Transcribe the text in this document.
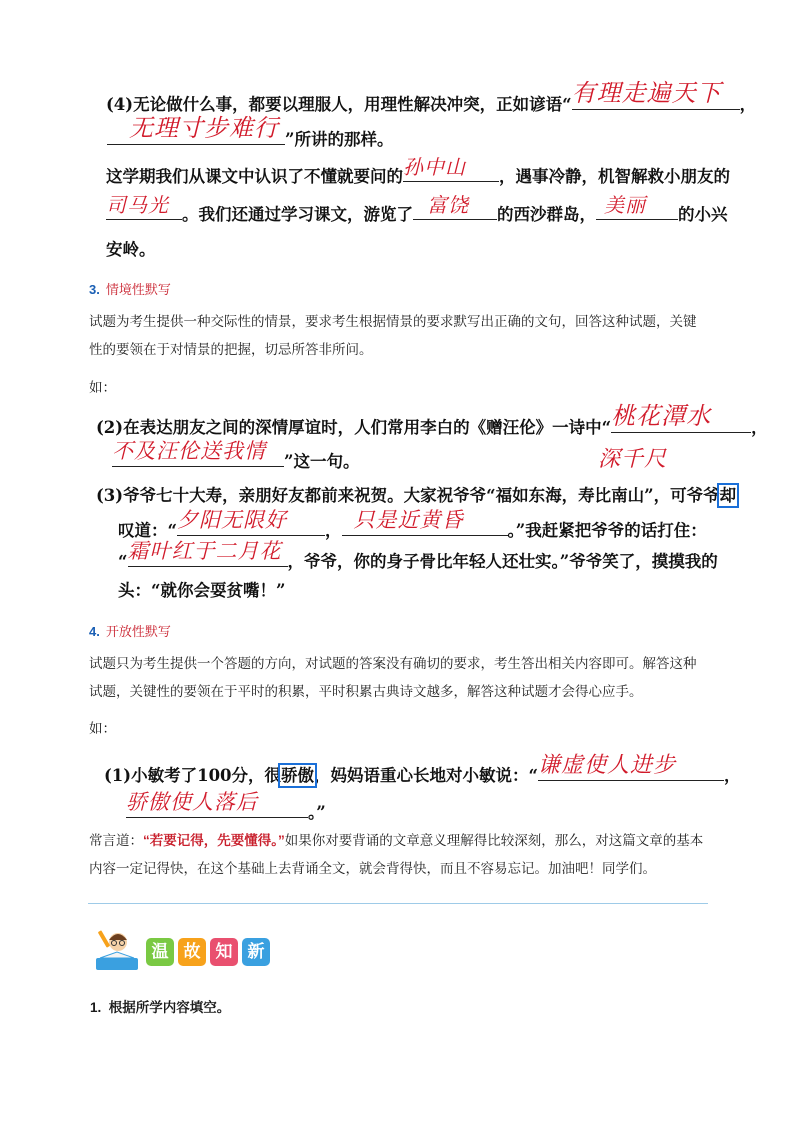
(4)无论做什么事，都要以理服人，用理性解决冲突，正如谚语“ 有理走遍天下 ，
无理寸步难行 ”所讲的那样。
这学期我们从课文中认识了不懂就要问的 孙中山 ，遇事冷静，机智解救小朋友的
司马光 。我们还通过学习课文，游览了 富饶 的西沙群岛， 美丽 的小兴
安岭。
3. 情境性默写
试题为考生提供一种交际性的情景，要求考生根据情景的要求默写出正确的文句，回答这种试题，关键性的要领在于对情景的把握，切忌所答非所问。
如：
(2)在表达朋友之间的深情厚谊时，人们常用李白的《赠汪伦》一诗中“ 桃花潭水 ，
深千尺
不及汪伦送我情 ”这一句。
(3)爷爷七十大寿，亲朋好友都前来祝贺。大家祝爷爷“福如东海，寿比南山”，可爷爷却
叹道：“ 夕阳无限好 ， 只是近黄昏	。”我赶紧把爷爷的话打住：
“ 霜叶红于二月花 ，爷爷，你的身子骨比年轻人还壮实。”爷爷笑了，摸摸我的
头：“就你会耍贫嘴！”
4. 开放性默写
试题只为考生提供一个答题的方向，对试题的答案没有确切的要求，考生答出相关内容即可。解答这种试题，关键性的要领在于平时的积累，平时积累古典诗文越多，解答这种试题才会得心应手。
如：
(1)小敏考了100分，很骄傲，妈妈语重心长地对小敏说：“ 谦虚使人进步	，
骄傲使人落后	。”
常言道：“若要记得，先要懂得。”如果你对要背诵的文章意义理解得比较深刻，那么，对这篇文章的基本内容一定记得快，在这个基础上去背诵全文，就会背得快，而且不容易忘记。加油吧！同学们。
温 故 知 新
1. 根据所学内容填空。
